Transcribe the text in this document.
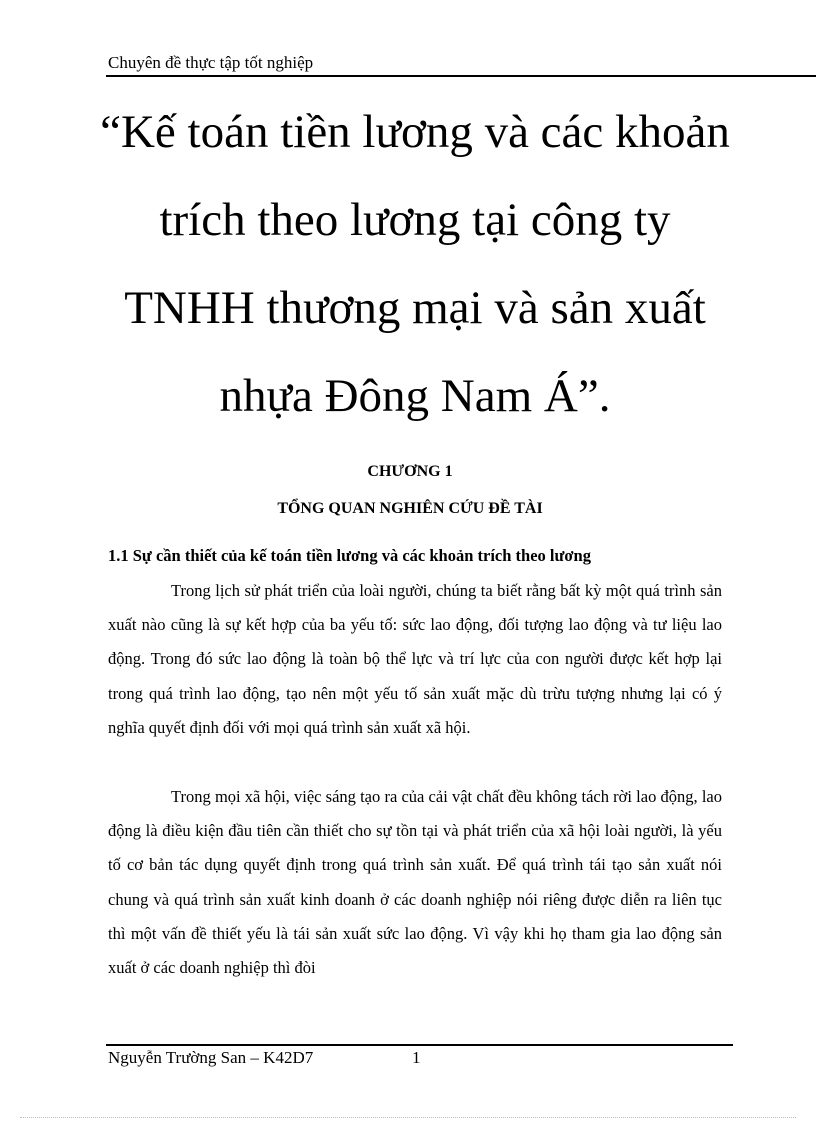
Chuyên đề thực tập tốt nghiệp
“Kế toán tiền lương và các khoản trích theo lương tại công ty TNHH thương mại và sản xuất nhựa Đông Nam Á”.
CHƯƠNG 1
TỔNG QUAN NGHIÊN CỨU ĐỀ TÀI
1.1 Sự cần thiết của kế toán tiền lương và các khoản trích theo lương

Trong lịch sử phát triển của loài người, chúng ta biết rằng bất kỳ một quá trình sản xuất nào cũng là sự kết hợp của ba yếu tố: sức lao động, đối tượng lao động và tư liệu lao động. Trong đó sức lao động là toàn bộ thể lực và trí lực của con người được kết hợp lại trong quá trình lao động, tạo nên một yếu tố sản xuất mặc dù trừu tượng nhưng lại có ý nghĩa quyết định đối với mọi quá trình sản xuất xã hội.

Trong mọi xã hội, việc sáng tạo ra của cải vật chất đều không tách rời lao động, lao động là điều kiện đầu tiên cần thiết cho sự tồn tại và phát triển của xã hội loài người, là yếu tố cơ bản tác dụng quyết định trong quá trình sản xuất. Để quá trình tái tạo sản xuất nói chung và quá trình sản xuất kinh doanh ở các doanh nghiệp nói riêng được diễn ra liên tục thì một vấn đề thiết yếu là tái sản xuất sức lao động. Vì vậy khi họ tham gia lao động sản xuất ở các doanh nghiệp thì đòi

Nguyễn Trường San – K42D7	1
